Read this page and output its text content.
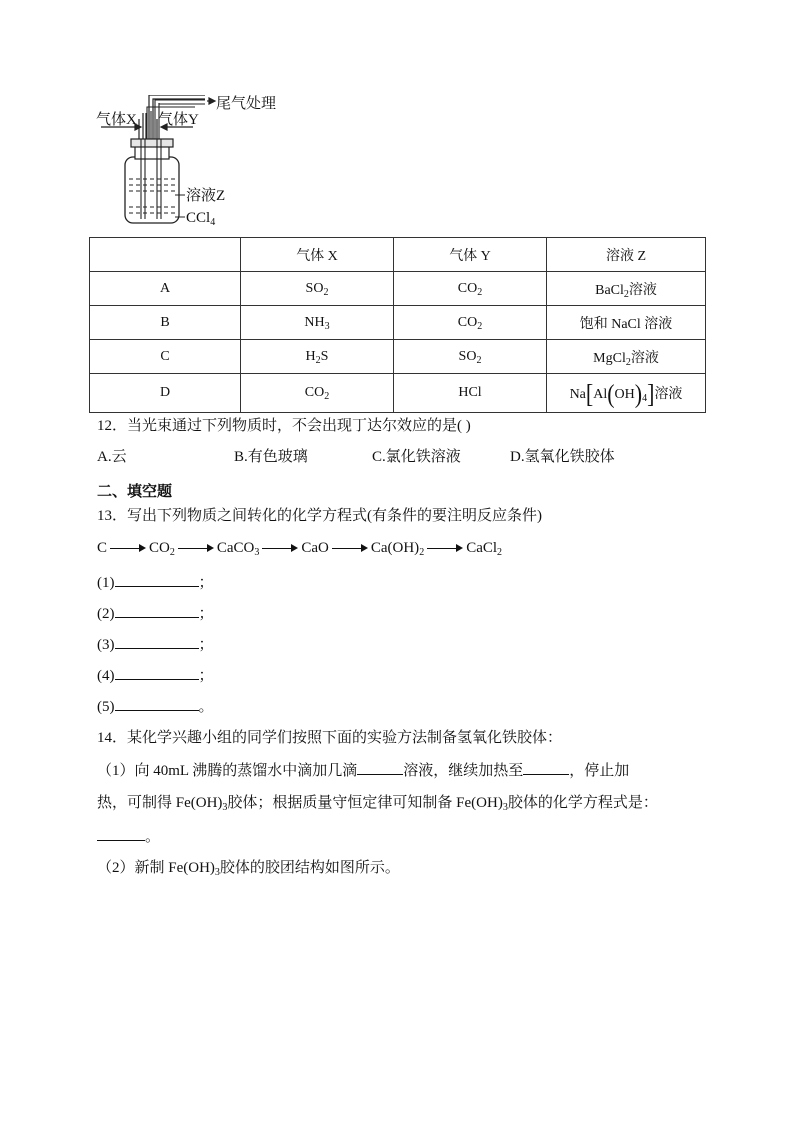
气体X 气体Y
尾气处理
溶液Z
CCl$_4$
	气体 X	气体 Y	溶液 Z
A	$SO_2$	$CO_2$	BaCl$_2$溶液
B	$NH_3$	$CO_2$	饱和 NaCl 溶液
C	$H_2S$	$SO_2$	MgCl$_2$溶液
D	$CO_2$	HCl	$Na[Al(OH)_4]$溶液
12．当光束通过下列物质时，不会出现丁达尔效应的是( )
A.云	B.有色玻璃	C.氯化铁溶液	D.氢氧化铁胶体
二、填空题
13．写出下列物质之间转化的化学方程式(有条件的要注明反应条件)
C	$CO_2$	CaCO$_3$	CaO	$Ca(OH)_2$	CaCl$_2$
(1)	；
(2)	；
(3)	；
(4)	；
(5)	。
14．某化学兴趣小组的同学们按照下面的实验方法制备氢氧化铁胶体：
（1）向 40mL 沸腾的蒸馏水中滴加几滴	溶液，继续加热至	，停止加
热，可制得 $Fe(OH)_3$胶体；根据质量守恒定律可知制备 $Fe(OH)_3$胶体的化学方程式是：
。
（2）新制 $Fe(OH)_3$胶体的胶团结构如图所示。
